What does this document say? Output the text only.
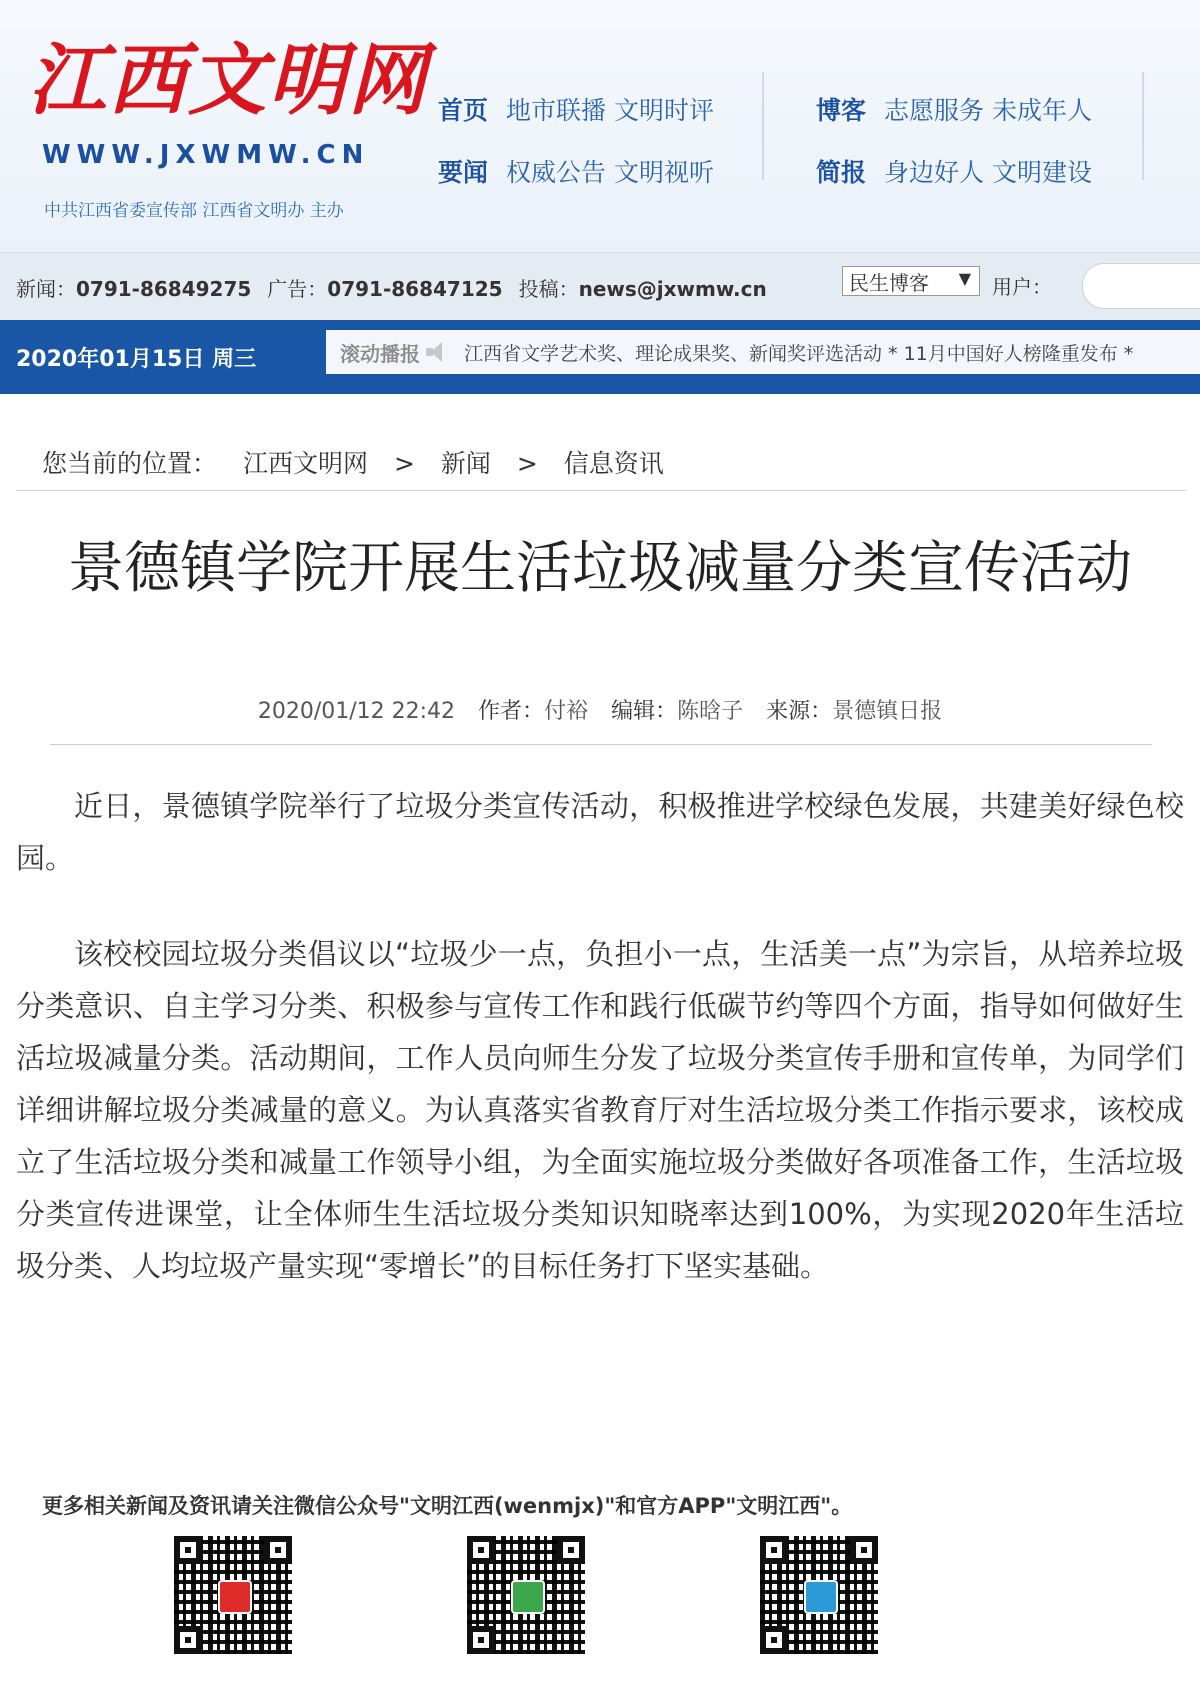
江西文明网
WWW.JXWMW.CN
中共江西省委宣传部 江西省文明办 主办
首页 地市联播 文明时评
要闻 权威公告 文明视听
博客 志愿服务 未成年人
简报 身边好人 文明建设
新闻：0791-86849275 广告：0791-86847125 投稿：news@jxwmw.cn	民生博客 ▼ 用户：
2020年01月15日 周三	滚动播报 江西省文学艺术奖、理论成果奖、新闻奖评选活动 * 11月中国好人榜隆重发布 *
您当前的位置： 江西文明网 > 新闻 > 信息资讯
景德镇学院开展生活垃圾减量分类宣传活动
2020/01/12 22:42 作者：付裕 编辑：陈晗子 来源：景德镇日报

近日，景德镇学院举行了垃圾分类宣传活动，积极推进学校绿色发展，共建美好绿色校园。

该校校园垃圾分类倡议以“垃圾少一点，负担小一点，生活美一点”为宗旨，从培养垃圾分类意识、自主学习分类、积极参与宣传工作和践行低碳节约等四个方面，指导如何做好生活垃圾减量分类。活动期间，工作人员向师生分发了垃圾分类宣传手册和宣传单，为同学们详细讲解垃圾分类减量的意义。为认真落实省教育厅对生活垃圾分类工作指示要求，该校成立了生活垃圾分类和减量工作领导小组，为全面实施垃圾分类做好各项准备工作，生活垃圾分类宣传进课堂，让全体师生生活垃圾分类知识知晓率达到100%，为实现2020年生活垃圾分类、人均垃圾产量实现“零增长”的目标任务打下坚实基础。

更多相关新闻及资讯请关注微信公众号"文明江西(wenmjx)"和官方APP"文明江西"。
